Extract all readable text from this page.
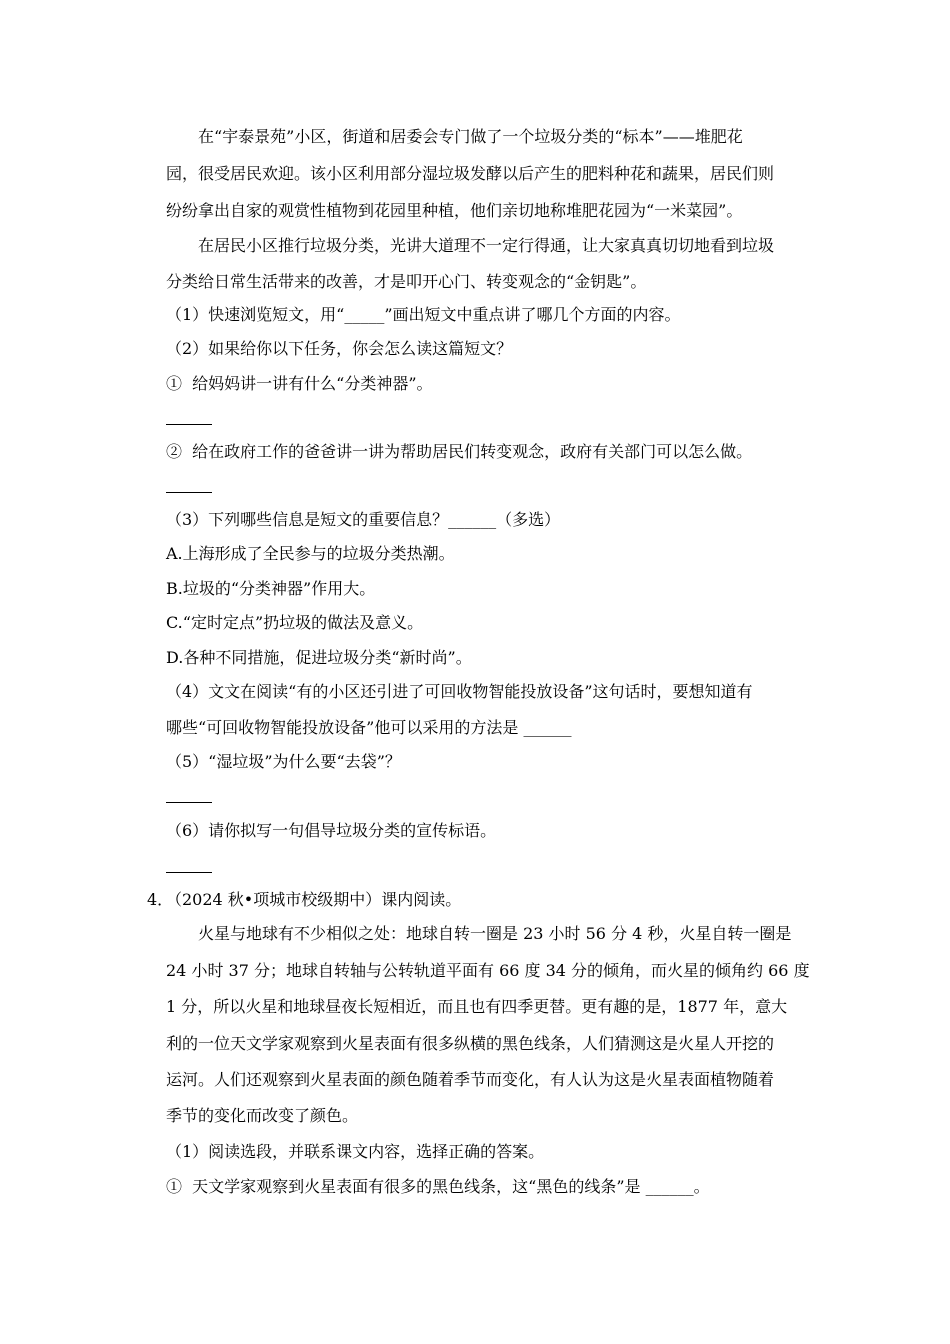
在“宇泰景苑”小区，街道和居委会专门做了一个垃圾分类的“标本”——堆肥花
园，很受居民欢迎。该小区利用部分湿垃圾发酵以后产生的肥料种花和蔬果，居民们则
纷纷拿出自家的观赏性植物到花园里种植，他们亲切地称堆肥花园为“一米菜园”。
在居民小区推行垃圾分类，光讲大道理不一定行得通，让大家真真切切地看到垃圾
分类给日常生活带来的改善，才是叩开心门、转变观念的“金钥匙”。
（1）快速浏览短文，用“_____”画出短文中重点讲了哪几个方面的内容。
（2）如果给你以下任务，你会怎么读这篇短文？
①  给妈妈讲一讲有什么“分类神器”。
②  给在政府工作的爸爸讲一讲为帮助居民们转变观念，政府有关部门可以怎么做。
（3）下列哪些信息是短文的重要信息？______（多选）
A.上海形成了全民参与的垃圾分类热潮。
B.垃圾的“分类神器”作用大。
C.“定时定点”扔垃圾的做法及意义。
D.各种不同措施，促进垃圾分类“新时尚”。
（4）文文在阅读“有的小区还引进了可回收物智能投放设备”这句话时，要想知道有
哪些“可回收物智能投放设备”他可以采用的方法是 ______
（5）“湿垃圾”为什么要“去袋”？
（6）请你拟写一句倡导垃圾分类的宣传标语。
4．
（2024 秋•项城市校级期中）课内阅读。
火星与地球有不少相似之处：地球自转一圈是 23 小时 56 分 4 秒，火星自转一圈是
24 小时 37 分；地球自转轴与公转轨道平面有 66 度 34 分的倾角，而火星的倾角约 66 度
1 分，所以火星和地球昼夜长短相近，而且也有四季更替。更有趣的是，1877 年，意大
利的一位天文学家观察到火星表面有很多纵横的黑色线条，人们猜测这是火星人开挖的
运河。人们还观察到火星表面的颜色随着季节而变化，有人认为这是火星表面植物随着
季节的变化而改变了颜色。
（1）阅读选段，并联系课文内容，选择正确的答案。
①  天文学家观察到火星表面有很多的黑色线条，这“黑色的线条”是 ______。
